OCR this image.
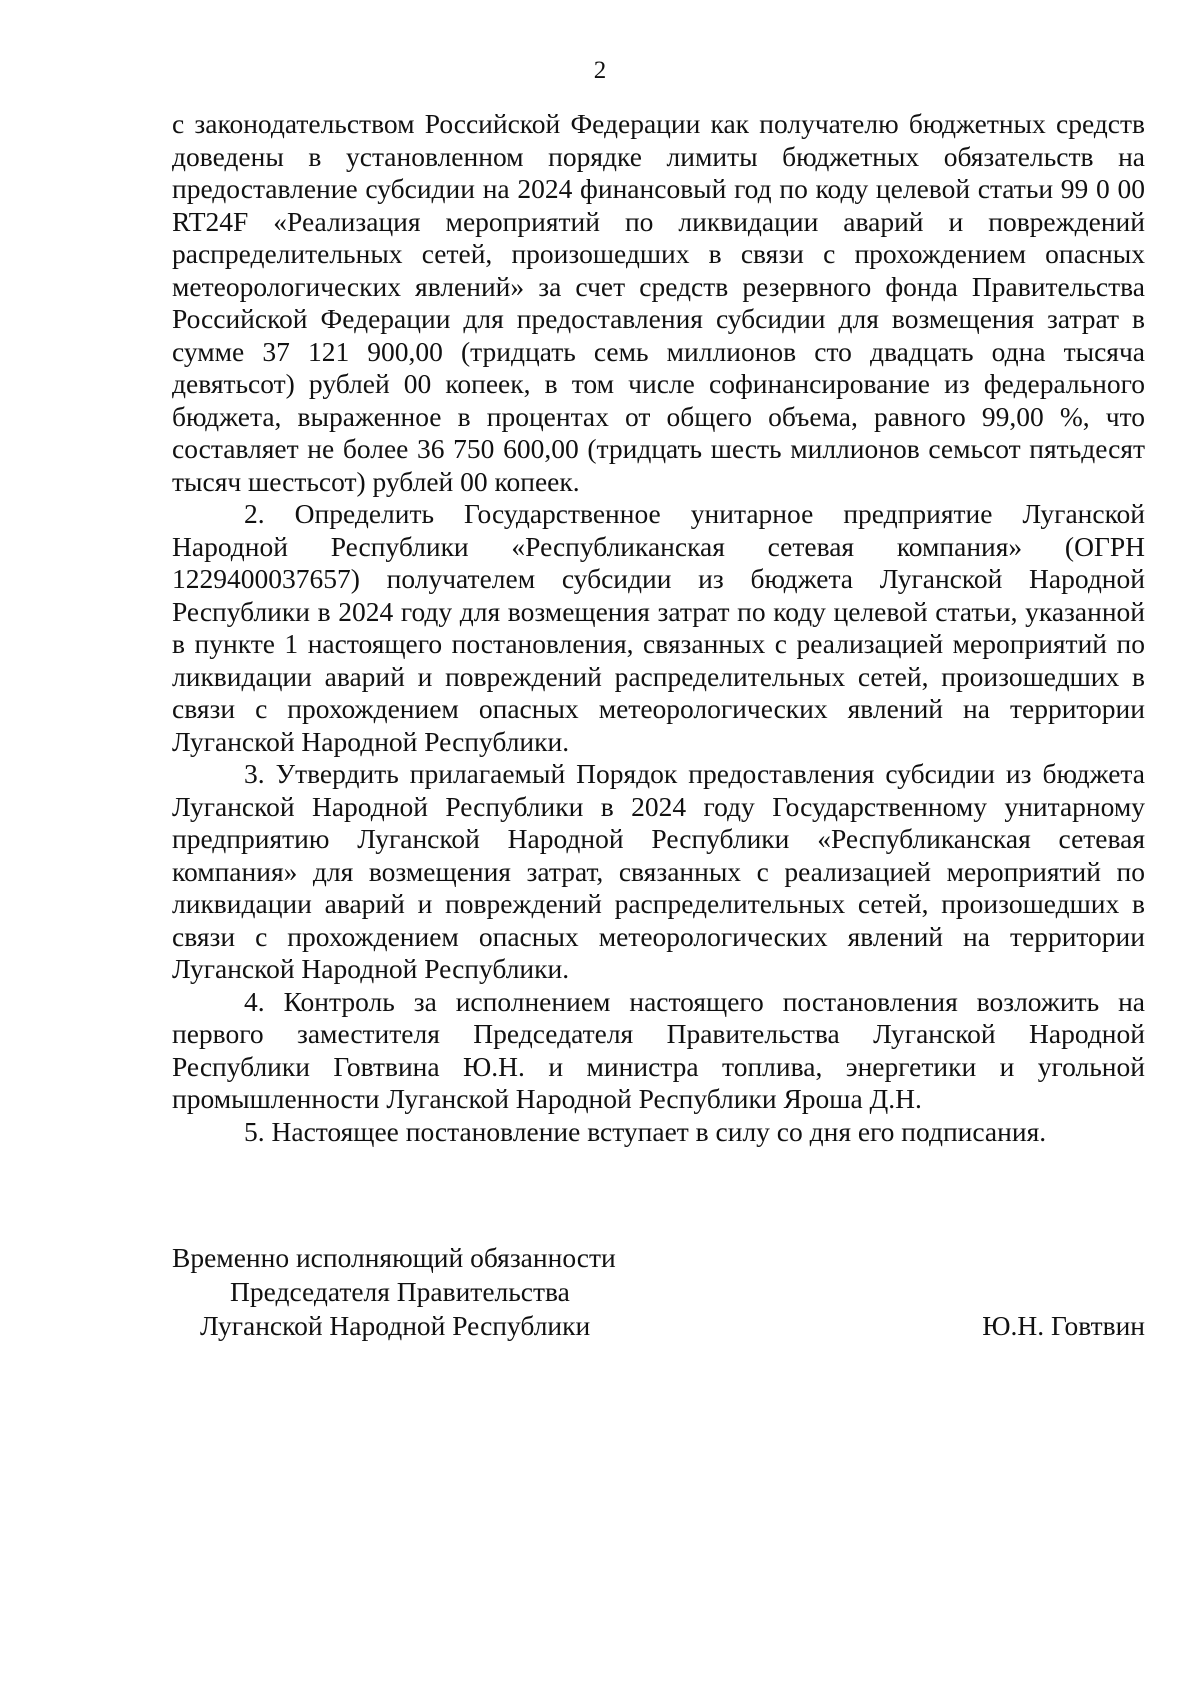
2

с законодательством Российской Федерации как получателю бюджетных средств доведены в установленном порядке лимиты бюджетных обязательств на предоставление субсидии на 2024 финансовый год по коду целевой статьи 99 0 00 RT24F «Реализация мероприятий по ликвидации аварий и повреждений распределительных сетей, произошедших в связи с прохождением опасных метеорологических явлений» за счет средств резервного фонда Правительства Российской Федерации для предоставления субсидии для возмещения затрат в сумме 37 121 900,00 (тридцать семь миллионов сто двадцать одна тысяча девятьсот) рублей 00 копеек, в том числе софинансирование из федерального бюджета, выраженное в процентах от общего объема, равного 99,00 %, что составляет не более 36 750 600,00 (тридцать шесть миллионов семьсот пятьдесят тысяч шестьсот) рублей 00 копеек.

2. Определить Государственное унитарное предприятие Луганской Народной Республики «Республиканская сетевая компания» (ОГРН 1229400037657) получателем субсидии из бюджета Луганской Народной Республики в 2024 году для возмещения затрат по коду целевой статьи, указанной в пункте 1 настоящего постановления, связанных с реализацией мероприятий по ликвидации аварий и повреждений распределительных сетей, произошедших в связи с прохождением опасных метеорологических явлений на территории Луганской Народной Республики.

3. Утвердить прилагаемый Порядок предоставления субсидии из бюджета Луганской Народной Республики в 2024 году Государственному унитарному предприятию Луганской Народной Республики «Республиканская сетевая компания» для возмещения затрат, связанных с реализацией мероприятий по ликвидации аварий и повреждений распределительных сетей, произошедших в связи с прохождением опасных метеорологических явлений на территории Луганской Народной Республики.

4. Контроль за исполнением настоящего постановления возложить на первого заместителя Председателя Правительства Луганской Народной Республики Говтвина Ю.Н. и министра топлива, энергетики и угольной промышленности Луганской Народной Республики Яроша Д.Н.

5. Настоящее постановление вступает в силу со дня его подписания.

Временно исполняющий обязанности
Председателя Правительства
Луганской Народной Республики	Ю.Н. Говтвин
